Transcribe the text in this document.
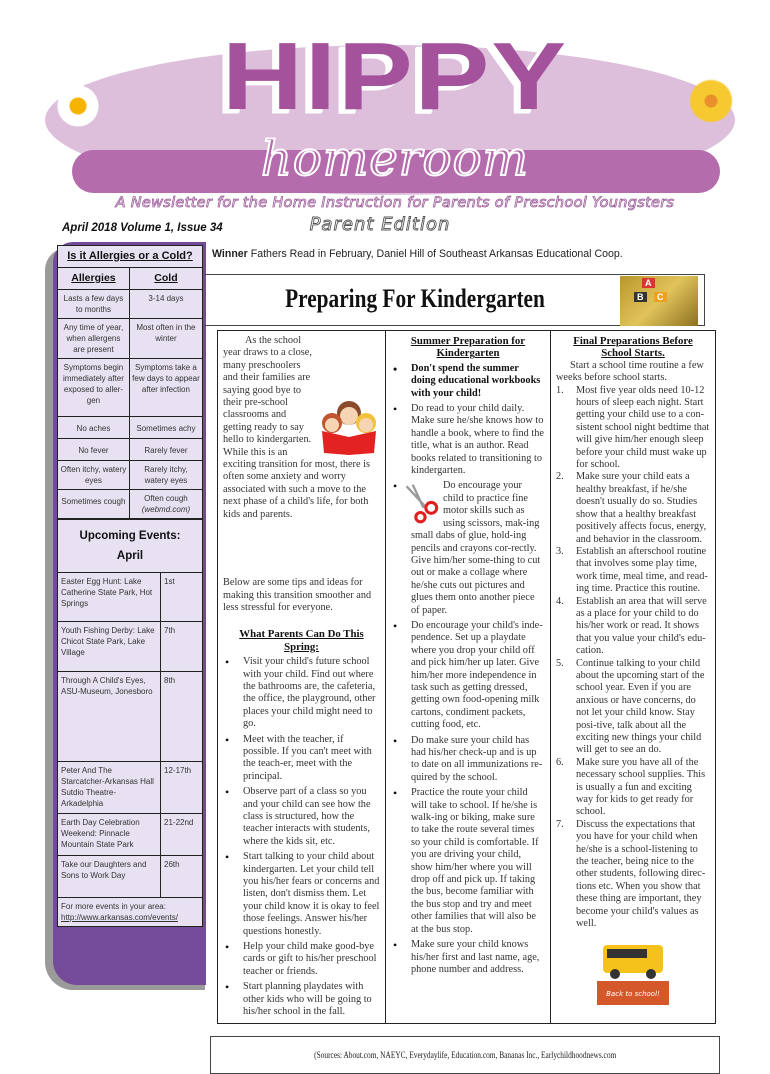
HIPPY
homeroom
A Newsletter for the Home Instruction for Parents of Preschool Youngsters
Parent Edition
April 2018 Volume 1, Issue 34
Is it Allergies or a Cold?	
Allergies	Cold
Lasts a few days to months	3-14 days
Any time of year, when allergens are present	Most often in the winter
Symptoms begin immediately after exposed to aller-gen	Symptoms take a few days to appear after infection
No aches	Sometimes achy
No fever	Rarely fever
Often itchy, watery eyes	Rarely itchy, watery eyes
Sometimes cough	Often cough
(webmd.com)
Upcoming Events:
April	
Easter Egg Hunt: Lake Catherine State Park, Hot Springs	1st
Youth Fishing Derby: Lake Chicot State Park, Lake Village	7th
Through A Child's Eyes, ASU-Museum, Jonesboro	8th
Peter And The Starcatcher-Arkansas Hall Sutdio Theatre-Arkadelphia	12-17th
Earth Day Celebration Weekend: Pinnacle Mountain State Park	21-22nd
Take our Daughters and Sons to Work Day	26th
For more events in your area: http://www.arkansas.com/events/	
Winner Fathers Read in February, Daniel Hill of Southeast Arkansas Educational Coop.
Preparing For Kindergarten
A
B	C

As the school year draws to a close, many preschoolers and their families are saying good bye to their pre-school classrooms and getting ready to say hello to kindergarten. While this is an exciting transition for most, there is often some anxiety and worry associated with such a move to the next phase of a child's life, for both kids and parents.

Below are some tips and ideas for making this transition smoother and less stressful for everyone.

What Parents Can Do This Spring:

• Visit your child's future school with your child. Find out where the bathrooms are, the cafeteria, the office, the playground, other places your child might need to go.
• Meet with the teacher, if possible. If you can't meet with the teach-er, meet with the principal.
• Observe part of a class so you and your child can see how the class is structured, how the teacher interacts with students, where the kids sit, etc.
• Start talking to your child about kindergarten. Let your child tell you his/her fears or concerns and listen, don't dismiss them. Let your child know it is okay to feel those feelings. Answer his/her questions honestly.
• Help your child make good-bye cards or gift to his/her preschool teacher or friends.
• Start planning playdates with other kids who will be going to his/her school in the fall.

Summer Preparation for Kindergarten

• Don't spend the summer doing educational workbooks with your child!
• Do read to your child daily. Make sure he/she knows how to handle a book, where to find the title, what is an author. Read books related to transitioning to kindergarten.
• Do encourage your child to practice fine motor skills such as using scissors, mak-ing small dabs of glue, hold-ing pencils and crayons cor-rectly. Give him/her some-thing to cut out or make a collage where he/she cuts out pictures and glues them onto another piece of paper.
• Do encourage your child's inde-pendence. Set up a playdate where you drop your child off and pick him/her up later. Give him/her more independence in task such as getting dressed, getting own food-opening milk cartons, condiment packets, cutting food, etc.
• Do make sure your child has had his/her check-up and is up to date on all immunizations re-quired by the school.
• Practice the route your child will take to school. If he/she is walk-ing or biking, make sure to take the route several times so your child is comfortable. If you are driving your child, show him/her where you will drop off and pick up. If taking the bus, become familiar with the bus stop and try and meet other families that will also be at the bus stop.
• Make sure your child knows his/her first and last name, age, phone number and address.

Final Preparations Before School Starts.

Start a school time routine a few weeks before school starts.

1. Most five year olds need 10-12 hours of sleep each night. Start getting your child use to a con-sistent school night bedtime that will give him/her enough sleep before your child must wake up for school.
2. Make sure your child eats a healthy breakfast, if he/she doesn't usually do so. Studies show that a healthy breakfast positively affects focus, energy, and behavior in the classroom.
3. Establish an afterschool routine that involves some play time, work time, meal time, and read-ing time. Practice this routine.
4. Establish an area that will serve as a place for your child to do his/her work or read. It shows that you value your child's edu-cation.
5. Continue talking to your child about the upcoming start of the school year. Even if you are anxious or have concerns, do not let your child know. Stay posi-tive, talk about all the exciting new things your child will get to see an do.
6. Make sure you have all of the necessary school supplies. This is usually a fun and exciting way for kids to get ready for school.
7. Discuss the expectations that you have for your child when he/she is a school-listening to the teacher, being nice to the other students, following direc-tions etc. When you show that these thing are important, they become your child's values as well.
Back to school!
(Sources: About.com, NAEYC, Everydaylife, Education.com, Bananas Inc., Earlychildhoodnews.com
